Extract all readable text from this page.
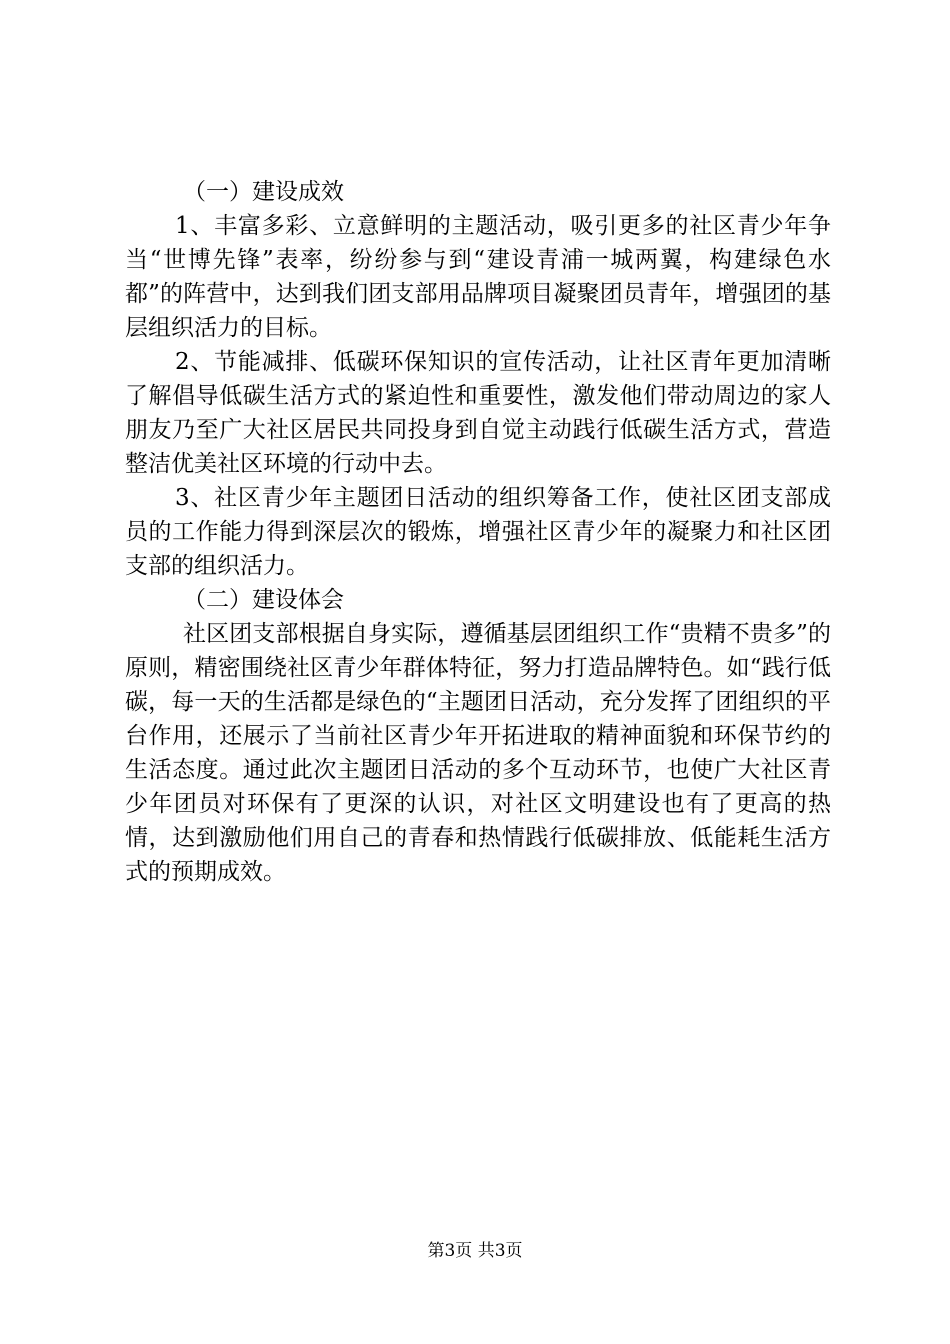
（一）建设成效

1、丰富多彩、立意鲜明的主题活动，吸引更多的社区青少年争当“世博先锋”表率，纷纷参与到“建设青浦一城两翼，构建绿色水都”的阵营中，达到我们团支部用品牌项目凝聚团员青年，增强团的基层组织活力的目标。

2、节能减排、低碳环保知识的宣传活动，让社区青年更加清晰了解倡导低碳生活方式的紧迫性和重要性，激发他们带动周边的家人朋友乃至广大社区居民共同投身到自觉主动践行低碳生活方式，营造整洁优美社区环境的行动中去。

3、社区青少年主题团日活动的组织筹备工作，使社区团支部成员的工作能力得到深层次的锻炼，增强社区青少年的凝聚力和社区团支部的组织活力。

（二）建设体会

社区团支部根据自身实际，遵循基层团组织工作“贵精不贵多”的原则，精密围绕社区青少年群体特征，努力打造品牌特色。如“践行低碳，每一天的生活都是绿色的“主题团日活动，充分发挥了团组织的平台作用，还展示了当前社区青少年开拓进取的精神面貌和环保节约的生活态度。通过此次主题团日活动的多个互动环节，也使广大社区青少年团员对环保有了更深的认识，对社区文明建设也有了更高的热情，达到激励他们用自己的青春和热情践行低碳排放、低能耗生活方式的预期成效。

第3页 共3页
